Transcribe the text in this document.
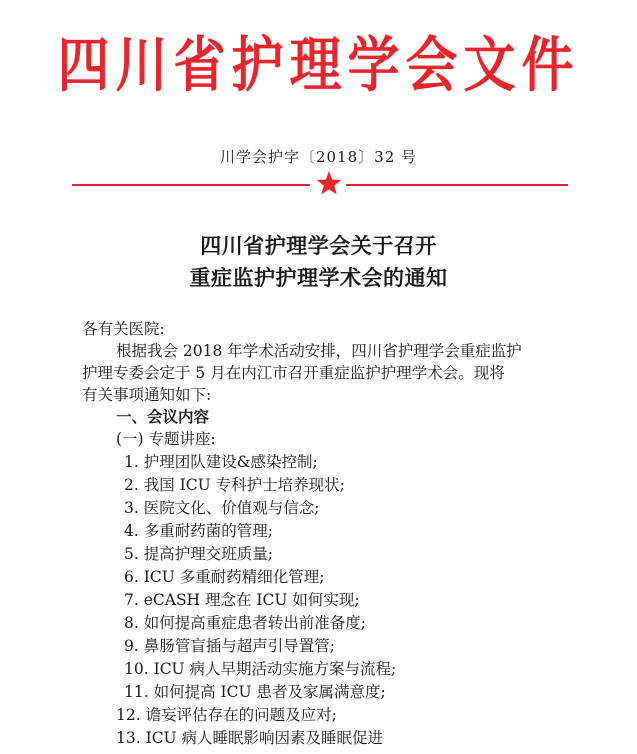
四川省护理学会文件
川学会护字〔2018〕32 号
四川省护理学会关于召开
重症监护护理学术会的通知
各有关医院:
根据我会 2018 年学术活动安排，四川省护理学会重症监护
护理专委会定于 5 月在内江市召开重症监护护理学术会。现将
有关事项通知如下:
一、会议内容
(一) 专题讲座:
1. 护理团队建设&感染控制;
2. 我国 ICU 专科护士培养现状;
3. 医院文化、价值观与信念;
4. 多重耐药菌的管理;
5. 提高护理交班质量;
6. ICU 多重耐药精细化管理;
7. eCASH 理念在 ICU 如何实现;
8. 如何提高重症患者转出前准备度;
9. 鼻肠管盲插与超声引导置管;
10. ICU 病人早期活动实施方案与流程;
11. 如何提高 ICU 患者及家属满意度;
12. 谵妄评估存在的问题及应对;
13. ICU 病人睡眠影响因素及睡眠促进
